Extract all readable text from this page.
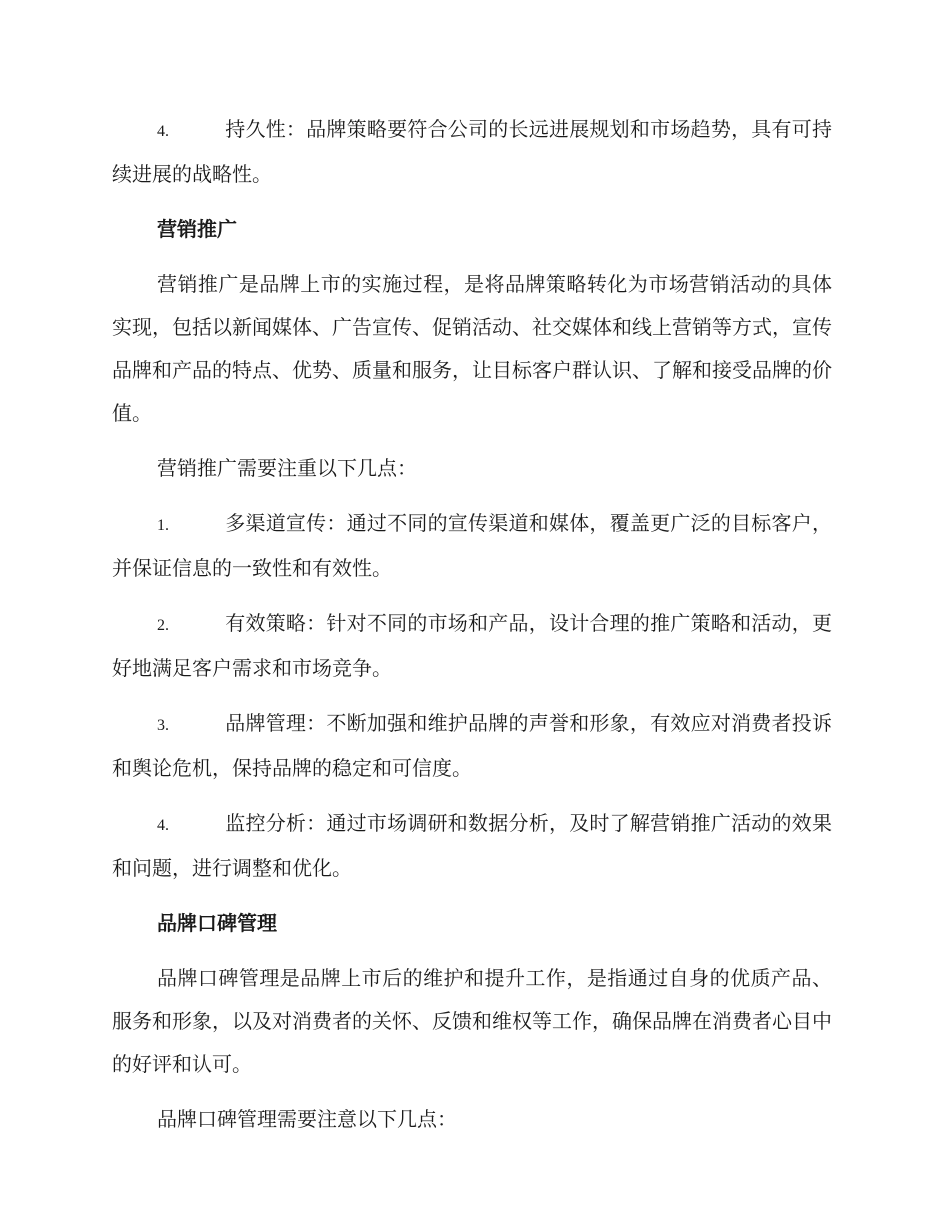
4.	持久性：品牌策略要符合公司的长远进展规划和市场趋势，具有可持续进展的战略性。

营销推广

营销推广是品牌上市的实施过程，是将品牌策略转化为市场营销活动的具体实现，包括以新闻媒体、广告宣传、促销活动、社交媒体和线上营销等方式，宣传品牌和产品的特点、优势、质量和服务，让目标客户群认识、了解和接受品牌的价值。

营销推广需要注重以下几点：

1.	多渠道宣传：通过不同的宣传渠道和媒体，覆盖更广泛的目标客户，并保证信息的一致性和有效性。

2.	有效策略：针对不同的市场和产品，设计合理的推广策略和活动，更好地满足客户需求和市场竞争。

3.	品牌管理：不断加强和维护品牌的声誉和形象，有效应对消费者投诉和舆论危机，保持品牌的稳定和可信度。

4.	监控分析：通过市场调研和数据分析，及时了解营销推广活动的效果和问题，进行调整和优化。

品牌口碑管理

品牌口碑管理是品牌上市后的维护和提升工作，是指通过自身的优质产品、服务和形象，以及对消费者的关怀、反馈和维权等工作，确保品牌在消费者心目中的好评和认可。

品牌口碑管理需要注意以下几点：
